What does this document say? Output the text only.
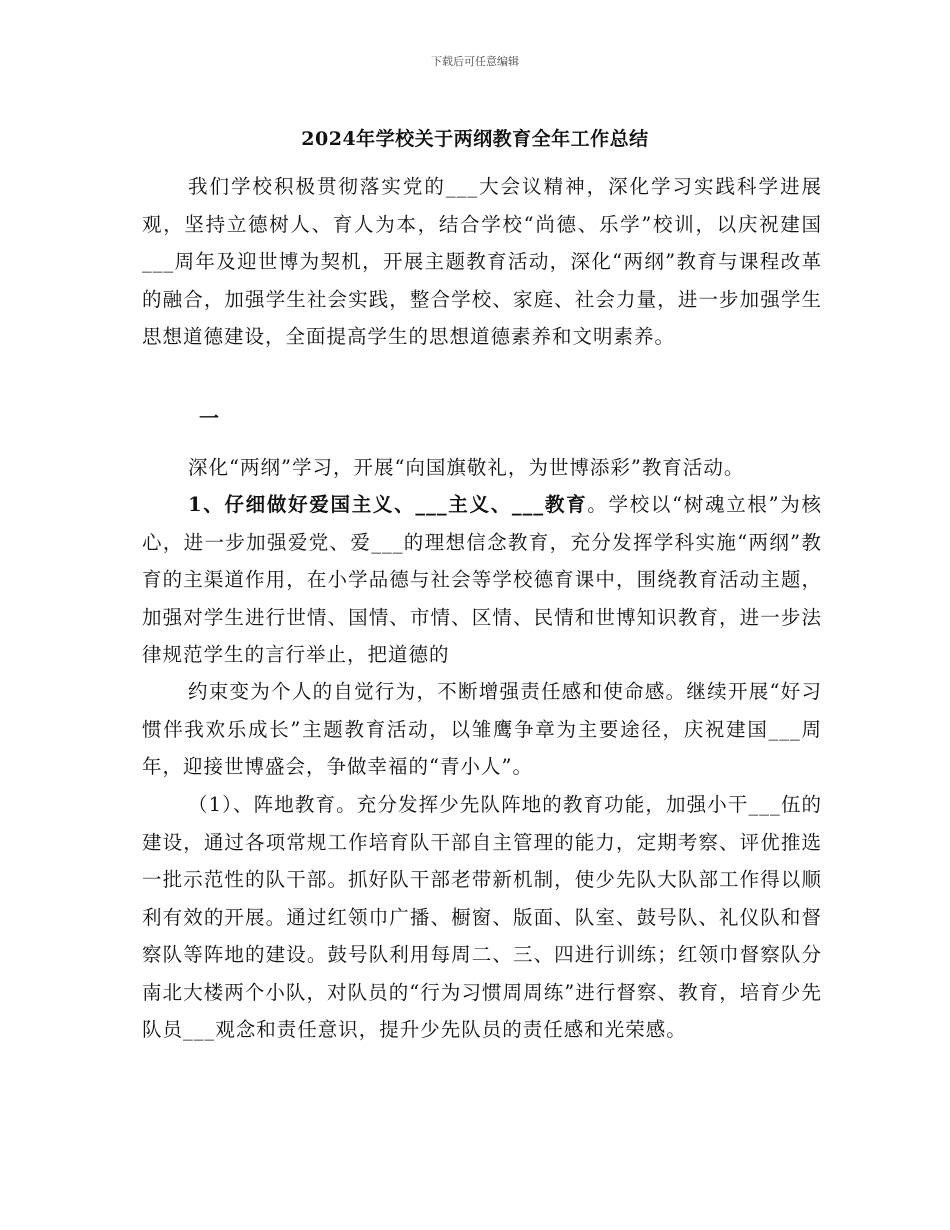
下载后可任意编辑
2024年学校关于两纲教育全年工作总结
我们学校积极贯彻落实党的___大会议精神，深化学习实践科学进展观，坚持立德树人、育人为本，结合学校“尚德、乐学”校训，以庆祝建国___周年及迎世博为契机，开展主题教育活动，深化“两纲”教育与课程改革的融合，加强学生社会实践，整合学校、家庭、社会力量，进一步加强学生思想道德建设，全面提高学生的思想道德素养和文明素养。
一
深化“两纲”学习，开展“向国旗敬礼，为世博添彩”教育活动。
1、仔细做好爱国主义、___主义、___教育。学校以“树魂立根”为核心，进一步加强爱党、爱___的理想信念教育，充分发挥学科实施“两纲”教育的主渠道作用，在小学品德与社会等学校德育课中，围绕教育活动主题，加强对学生进行世情、国情、市情、区情、民情和世博知识教育，进一步法律规范学生的言行举止，把道德的
约束变为个人的自觉行为，不断增强责任感和使命感。继续开展“好习惯伴我欢乐成长”主题教育活动，以雏鹰争章为主要途径，庆祝建国___周年，迎接世博盛会，争做幸福的“青小人”。
（1）、阵地教育。充分发挥少先队阵地的教育功能，加强小干___伍的建设，通过各项常规工作培育队干部自主管理的能力，定期考察、评优推选一批示范性的队干部。抓好队干部老带新机制，使少先队大队部工作得以顺利有效的开展。通过红领巾广播、橱窗、版面、队室、鼓号队、礼仪队和督察队等阵地的建设。鼓号队利用每周二、三、四进行训练；红领巾督察队分南北大楼两个小队，对队员的“行为习惯周周练”进行督察、教育，培育少先队员___观念和责任意识，提升少先队员的责任感和光荣感。
